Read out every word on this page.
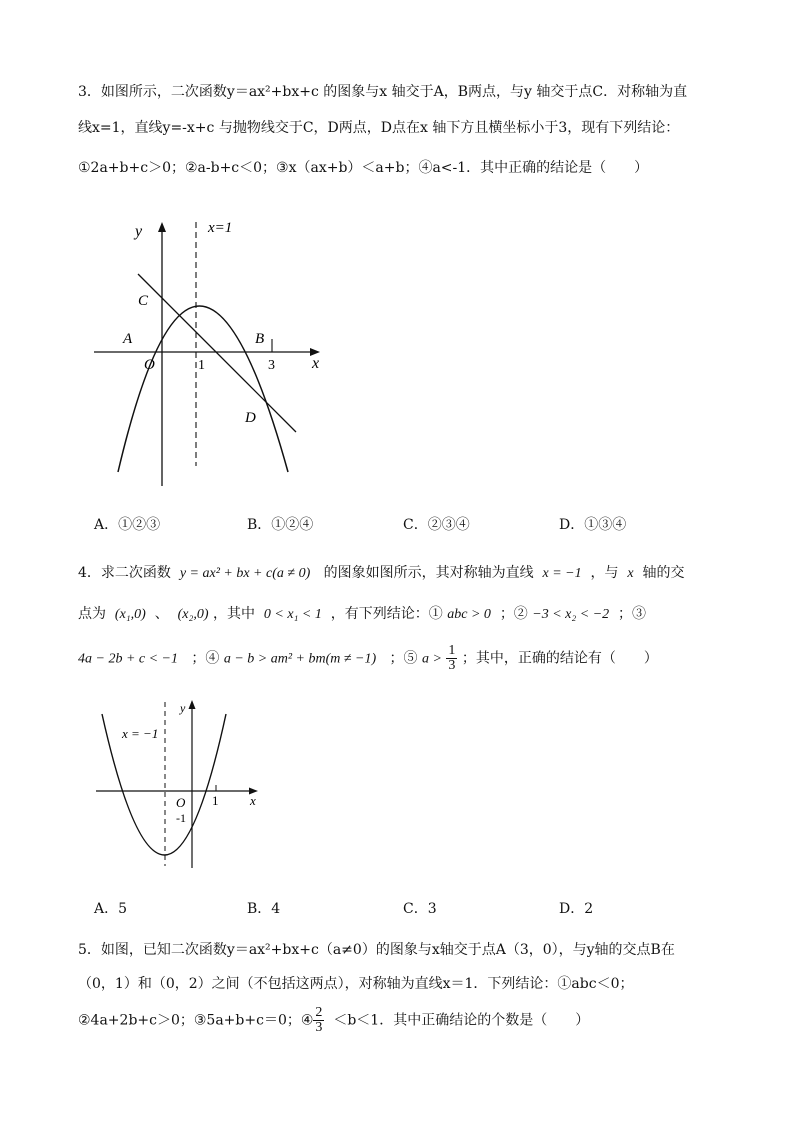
3．如图所示，二次函数y＝ax²+bx+c 的图象与x 轴交于A，B两点，与y 轴交于点C．对称轴为直
线x=1，直线y=-x+c 与抛物线交于C，D两点，D点在x 轴下方且横坐标小于3，现有下列结论：
①2a+b+c＞0；②a-b+c＜0；③x（ax+b）＜a+b；④a<-1．其中正确的结论是（　　）
x=1
y
x
C
A
O	1
B
3
D
A．①②③	B．①②④	C．②③④	D．①③④
4．求二次函数 y = ax² + bx + c(a ≠ 0) 的图象如图所示，其对称轴为直线 x = −1 ，与 x 轴的交
点为 (x₁,0) 、 (x₂,0) ，其中 0 < x₁ < 1 ，有下列结论：① abc > 0 ；② −3 < x₂ < −2 ；③
4a − 2b + c < −1 ；④ a − b > am² + bm(m ≠ −1) ；⑤ $a > \frac{1}{3}$ ；其中，正确的结论有（　　）
x = −1
y
x
O 1
-1
A．5	B．4	C．3	D．2
5．如图，已知二次函数y＝ax²+bx+c（a≠0）的图象与x轴交于点A（3，0），与y轴的交点B在
（0，1）和（0，2）之间（不包括这两点），对称轴为直线x＝1．下列结论：①abc＜0；
②4a+2b+c＞0；③5a+b+c＝0；④ $\frac{2}{3} <b<1$．其中正确结论的个数是（　　）
